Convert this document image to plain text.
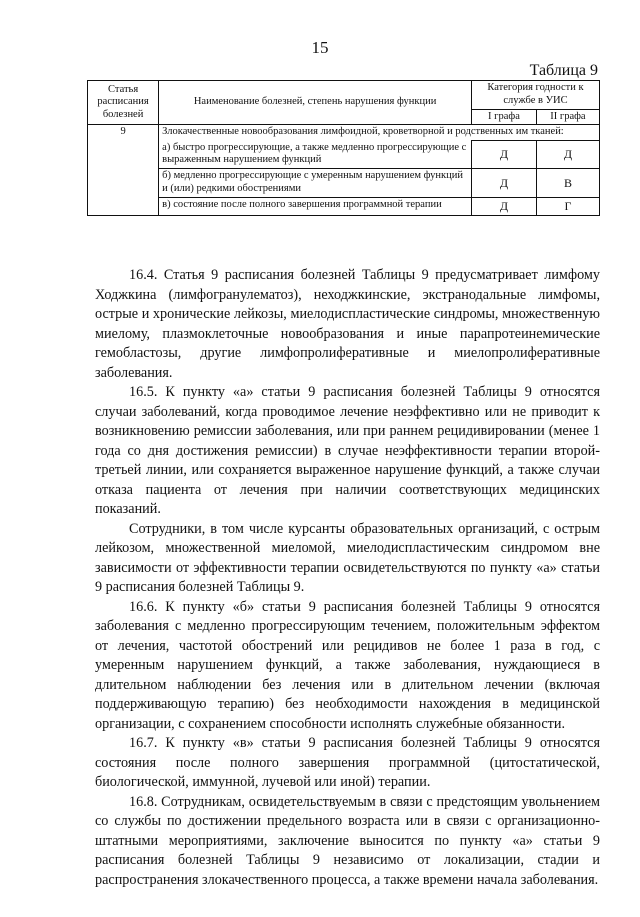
15
Таблица 9
Статья расписания болезней	Наименование болезней, степень нарушения функции	Категория годности к службе в УИС	
		I графа	II графа
9	Злокачественные новообразования лимфоидной, кроветворной и родственных им тканей:		
	а) быстро прогрессирующие, а также медленно прогрессирующие с выраженным нарушением функций	Д	Д
	б) медленно прогрессирующие с умеренным нарушением функций и (или) редкими обострениями	Д	В
	в) состояние после полного завершения программной терапии	Д	Г

16.4. Статья 9 расписания болезней Таблицы 9 предусматривает лимфому Ходжкина (лимфогранулематоз), неходжкинские, экстранодальные лимфомы, острые и хронические лейкозы, миелодиспластические синдромы, множественную миелому, плазмоклеточные новообразования и иные парапротеинемические гемобластозы, другие лимфопролиферативные и миелопролиферативные заболевания.

16.5. К пункту «а» статьи 9 расписания болезней Таблицы 9 относятся случаи заболеваний, когда проводимое лечение неэффективно или не приводит к возникновению ремиссии заболевания, или при раннем рецидивировании (менее 1 года со дня достижения ремиссии) в случае неэффективности терапии второй-третьей линии, или сохраняется выраженное нарушение функций, а также случаи отказа пациента от лечения при наличии соответствующих медицинских показаний.

Сотрудники, в том числе курсанты образовательных организаций, с острым лейкозом, множественной миеломой, миелодиспластическим синдромом вне зависимости от эффективности терапии освидетельствуются по пункту «а» статьи 9 расписания болезней Таблицы 9.

16.6. К пункту «б» статьи 9 расписания болезней Таблицы 9 относятся заболевания с медленно прогрессирующим течением, положительным эффектом от лечения, частотой обострений или рецидивов не более 1 раза в год, с умеренным нарушением функций, а также заболевания, нуждающиеся в длительном наблюдении без лечения или в длительном лечении (включая поддерживающую терапию) без необходимости нахождения в медицинской организации, с сохранением способности исполнять служебные обязанности.

16.7. К пункту «в» статьи 9 расписания болезней Таблицы 9 относятся состояния после полного завершения программной (цитостатической, биологической, иммунной, лучевой или иной) терапии.

16.8. Сотрудникам, освидетельствуемым в связи с предстоящим увольнением со службы по достижении предельного возраста или в связи с организационно-штатными мероприятиями, заключение выносится по пункту «а» статьи 9 расписания болезней Таблицы 9 независимо от локализации, стадии и распространения злокачественного процесса, а также времени начала заболевания.
